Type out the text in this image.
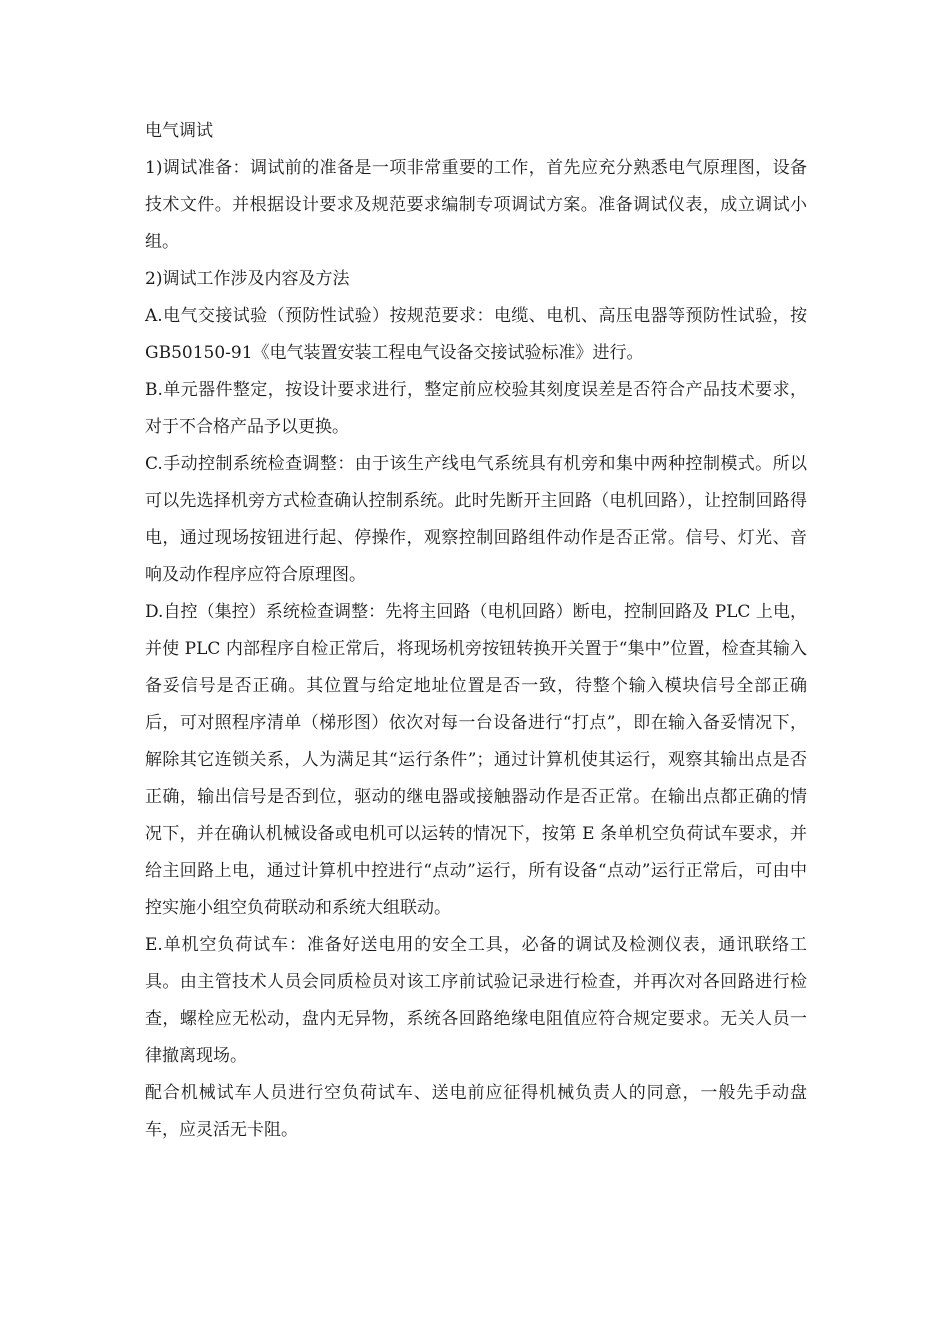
电气调试

1)调试准备：调试前的准备是一项非常重要的工作，首先应充分熟悉电气原理图，设备技术文件。并根据设计要求及规范要求编制专项调试方案。准备调试仪表，成立调试小组。

2)调试工作涉及内容及方法

A.电气交接试验（预防性试验）按规范要求：电缆、电机、高压电器等预防性试验，按 GB50150-91《电气装置安装工程电气设备交接试验标准》进行。

B.单元器件整定，按设计要求进行，整定前应校验其刻度误差是否符合产品技术要求，对于不合格产品予以更换。

C.手动控制系统检查调整：由于该生产线电气系统具有机旁和集中两种控制模式。所以可以先选择机旁方式检查确认控制系统。此时先断开主回路（电机回路），让控制回路得电，通过现场按钮进行起、停操作，观察控制回路组件动作是否正常。信号、灯光、音响及动作程序应符合原理图。

D.自控（集控）系统检查调整：先将主回路（电机回路）断电，控制回路及 PLC 上电，并使 PLC 内部程序自检正常后，将现场机旁按钮转换开关置于“集中”位置，检查其输入备妥信号是否正确。其位置与给定地址位置是否一致，待整个输入模块信号全部正确后，可对照程序清单（梯形图）依次对每一台设备进行“打点”，即在输入备妥情况下，解除其它连锁关系，人为满足其“运行条件”；通过计算机使其运行，观察其输出点是否正确，输出信号是否到位，驱动的继电器或接触器动作是否正常。在输出点都正确的情况下，并在确认机械设备或电机可以运转的情况下，按第 E 条单机空负荷试车要求，并给主回路上电，通过计算机中控进行“点动”运行，所有设备“点动”运行正常后，可由中控实施小组空负荷联动和系统大组联动。

E.单机空负荷试车：准备好送电用的安全工具，必备的调试及检测仪表，通讯联络工具。由主管技术人员会同质检员对该工序前试验记录进行检查，并再次对各回路进行检查，螺栓应无松动，盘内无异物，系统各回路绝缘电阻值应符合规定要求。无关人员一律撤离现场。

配合机械试车人员进行空负荷试车、送电前应征得机械负责人的同意，一般先手动盘车，应灵活无卡阻。
